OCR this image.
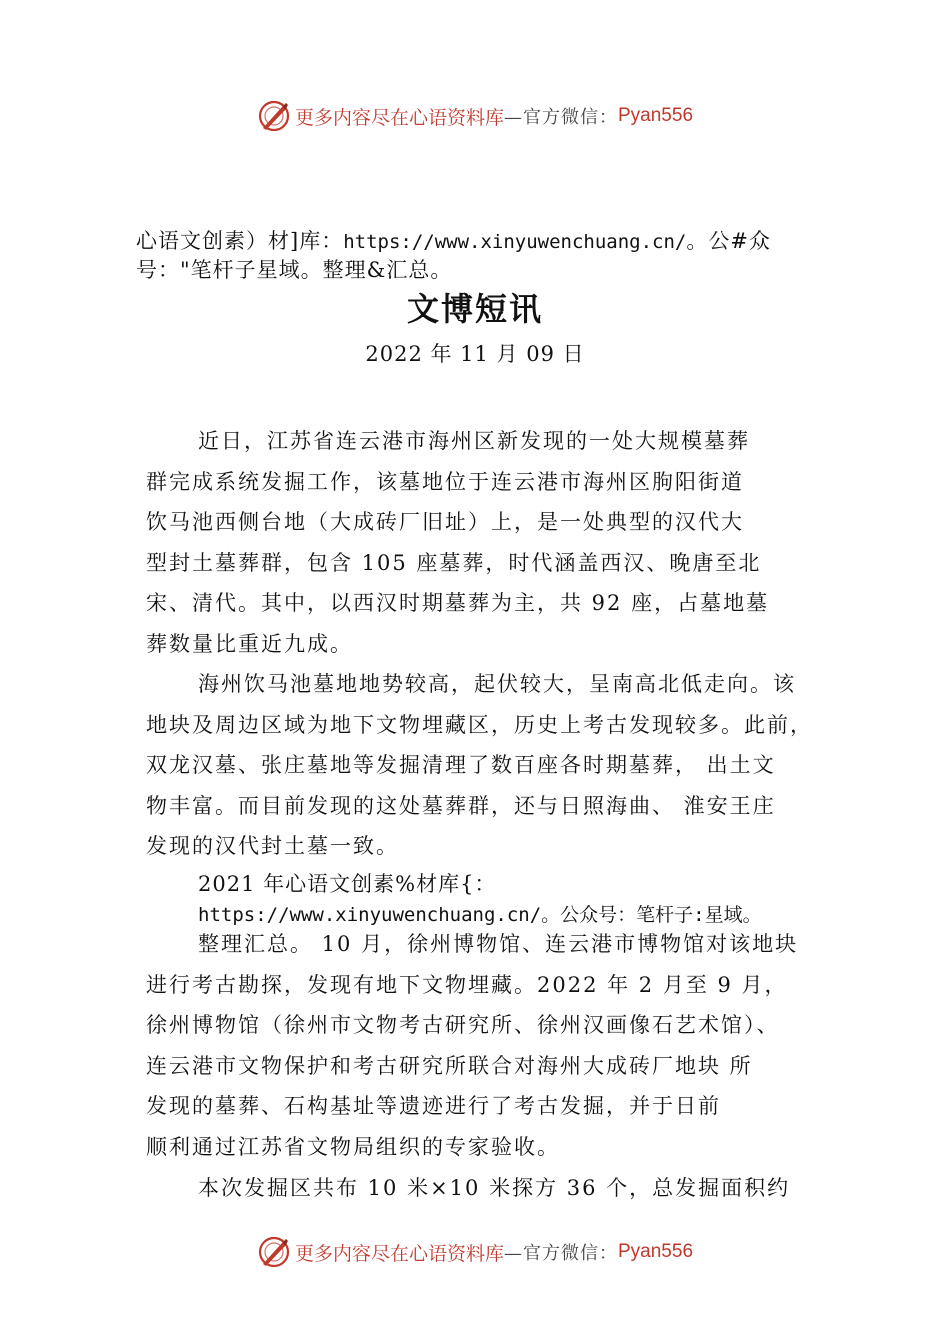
更多内容尽在心语资料库 —官方微信： Pyan556
心语文创素）材]库：https://www.xinyuwenchuang.cn/。公#众
号："笔杆子星域。整理&汇总。
文博短讯
2022 年 11 月 09 日
近日，江苏省连云港市海州区新发现的一处大规模墓葬
群完成系统发掘工作，该墓地位于连云港市海州区朐阳街道
饮马池西侧台地（大成砖厂旧址）上，是一处典型的汉代大
型封土墓葬群，包含 105 座墓葬，时代涵盖西汉、晚唐至北
宋、清代。其中，以西汉时期墓葬为主，共 92 座，占墓地墓
葬数量比重近九成。
海州饮马池墓地地势较高，起伏较大，呈南高北低走向。该
地块及周边区域为地下文物埋藏区，历史上考古发现较多。此前，
双龙汉墓、张庄墓地等发掘清理了数百座各时期墓葬， 出土文
物丰富。而目前发现的这处墓葬群，还与日照海曲、 淮安王庄
发现的汉代封土墓一致。
2021 年心语文创素%材库{：
https://www.xinyuwenchuang.cn/。公众号：笔杆子:星域。
整理汇总。 10 月，徐州博物馆、连云港市博物馆对该地块
进行考古勘探，发现有地下文物埋藏。2022 年 2 月至 9 月，
徐州博物馆（徐州市文物考古研究所、徐州汉画像石艺术馆）、
连云港市文物保护和考古研究所联合对海州大成砖厂地块 所
发现的墓葬、石构基址等遗迹进行了考古发掘，并于日前
顺利通过江苏省文物局组织的专家验收。
本次发掘区共布 10 米×10 米探方 36 个，总发掘面积约
更多内容尽在心语资料库 —官方微信： Pyan556
